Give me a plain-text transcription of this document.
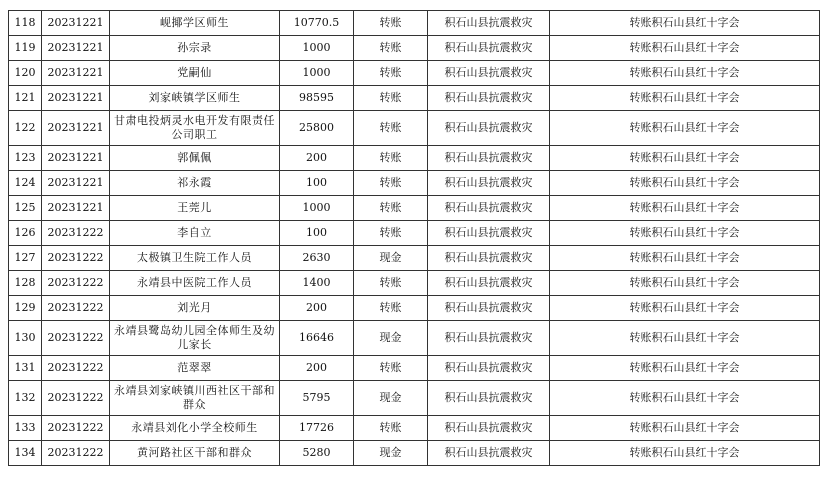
118	20231221	岘揶学区师生	10770.5	转账	积石山县抗震救灾	转账积石山县红十字会
119	20231221	孙宗录	1000	转账	积石山县抗震救灾	转账积石山县红十字会
120	20231221	党嗣仙	1000	转账	积石山县抗震救灾	转账积石山县红十字会
121	20231221	刘家峡镇学区师生	98595	转账	积石山县抗震救灾	转账积石山县红十字会
122	20231221	甘肃电投炳灵水电开发有限责任公司职工	25800	转账	积石山县抗震救灾	转账积石山县红十字会
123	20231221	郭佩佩	200	转账	积石山县抗震救灾	转账积石山县红十字会
124	20231221	祁永霞	100	转账	积石山县抗震救灾	转账积石山县红十字会
125	20231221	王莞儿	1000	转账	积石山县抗震救灾	转账积石山县红十字会
126	20231222	李自立	100	转账	积石山县抗震救灾	转账积石山县红十字会
127	20231222	太极镇卫生院工作人员	2630	现金	积石山县抗震救灾	转账积石山县红十字会
128	20231222	永靖县中医院工作人员	1400	转账	积石山县抗震救灾	转账积石山县红十字会
129	20231222	刘光月	200	转账	积石山县抗震救灾	转账积石山县红十字会
130	20231222	永靖县鹭岛幼儿园全体师生及幼儿家长	16646	现金	积石山县抗震救灾	转账积石山县红十字会
131	20231222	范翠翠	200	转账	积石山县抗震救灾	转账积石山县红十字会
132	20231222	永靖县刘家峡镇川西社区干部和群众	5795	现金	积石山县抗震救灾	转账积石山县红十字会
133	20231222	永靖县刘化小学全校师生	17726	转账	积石山县抗震救灾	转账积石山县红十字会
134	20231222	黄河路社区干部和群众	5280	现金	积石山县抗震救灾	转账积石山县红十字会
